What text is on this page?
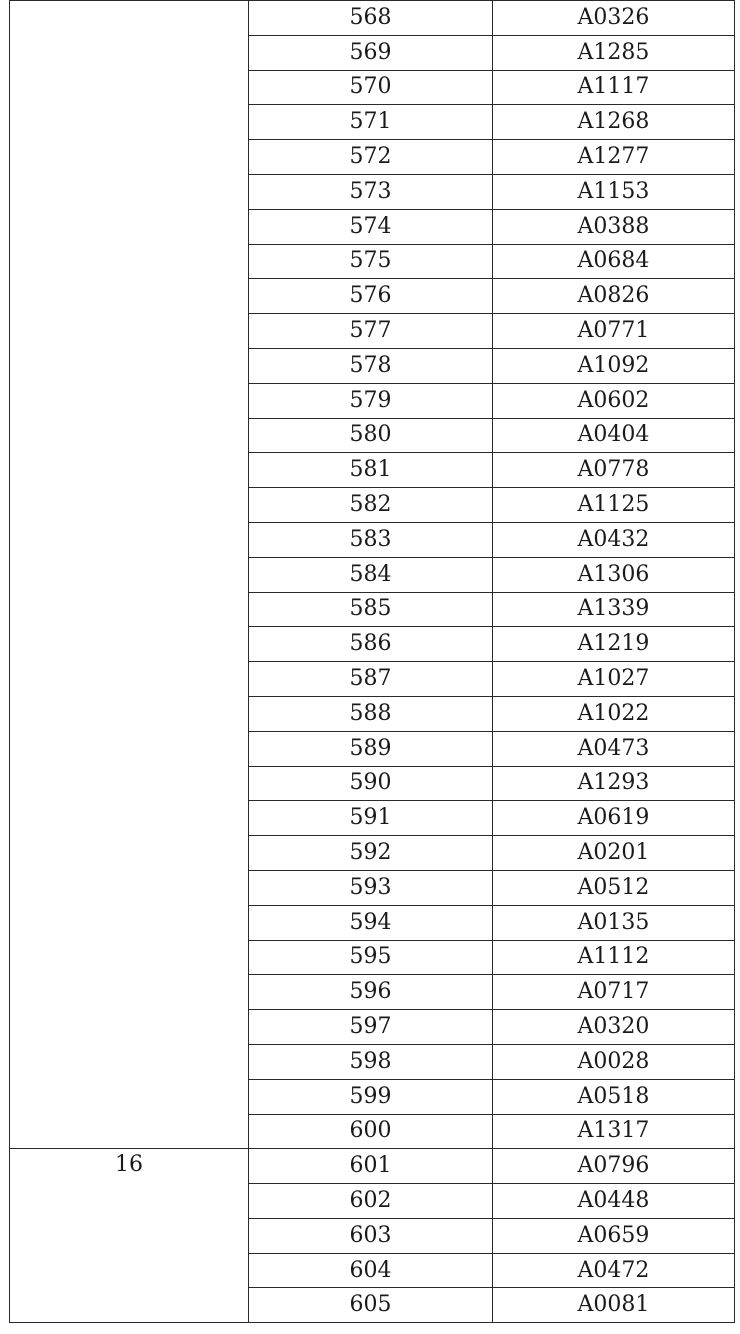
	568	A0326
	569	A1285
	570	A1117
	571	A1268
	572	A1277
	573	A1153
	574	A0388
	575	A0684
	576	A0826
	577	A0771
	578	A1092
	579	A0602
	580	A0404
	581	A0778
	582	A1125
	583	A0432
	584	A1306
	585	A1339
	586	A1219
	587	A1027
	588	A1022
	589	A0473
	590	A1293
	591	A0619
	592	A0201
	593	A0512
	594	A0135
	595	A1112
	596	A0717
	597	A0320
	598	A0028
	599	A0518
	600	A1317
16	601	A0796
	602	A0448
	603	A0659
	604	A0472
	605	A0081
